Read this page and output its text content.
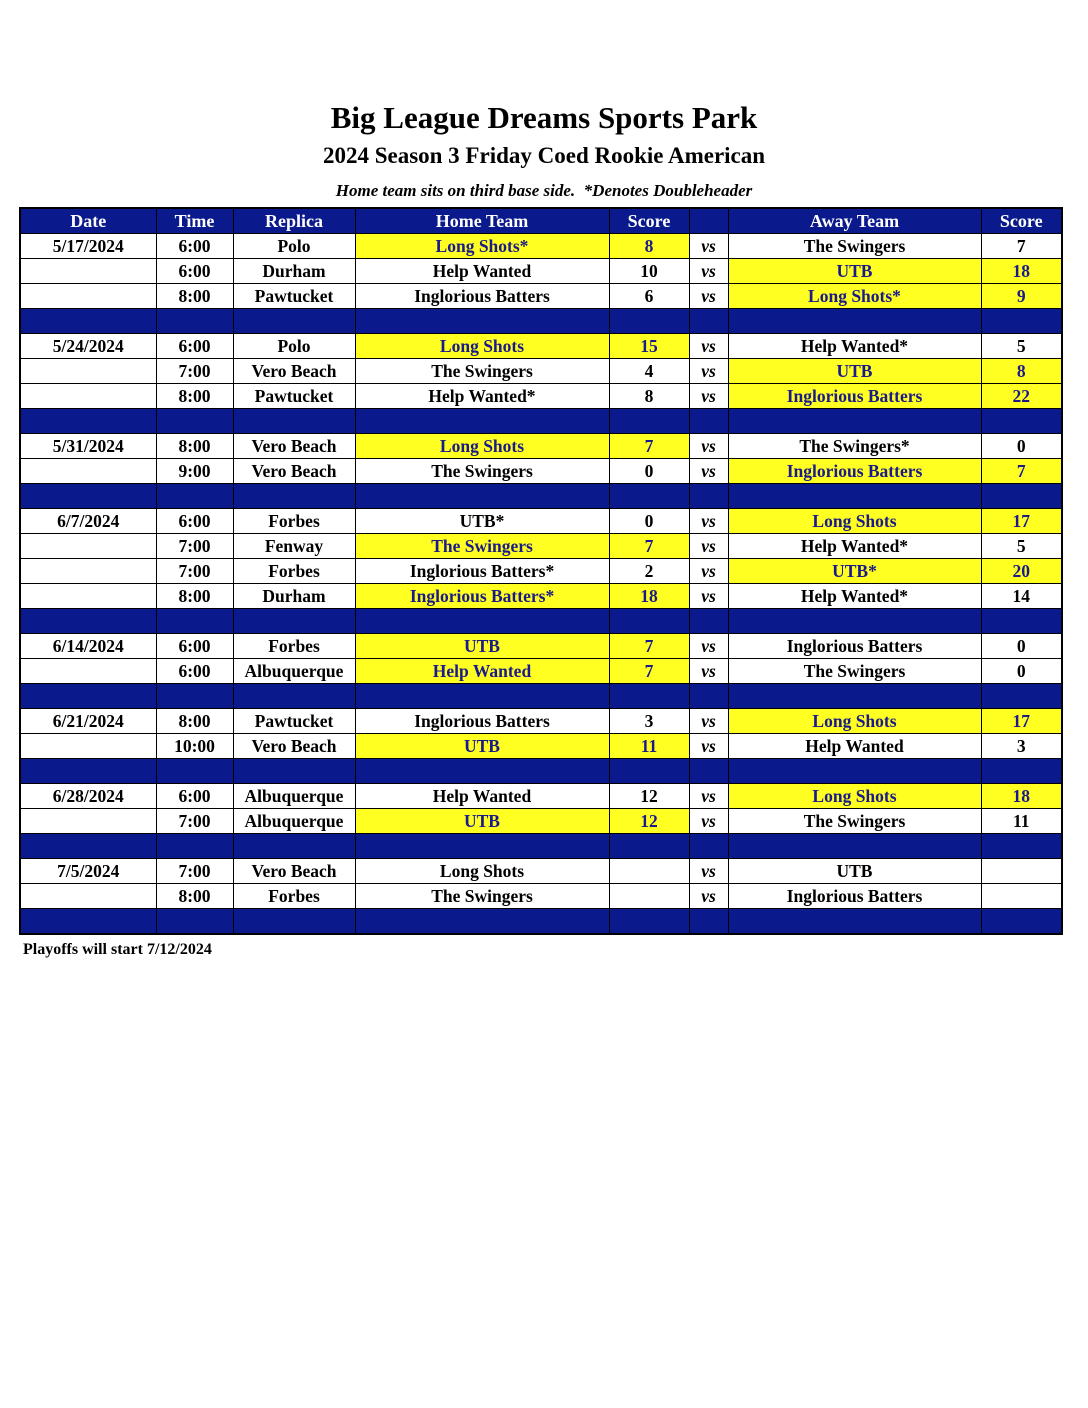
Big League Dreams Sports Park
2024 Season 3 Friday Coed Rookie American
Home team sits on third base side.  *Denotes Doubleheader
Date	Time	Replica	Home Team	Score		Away Team	Score
5/17/2024	6:00	Polo	Long Shots*	8	vs	The Swingers	7
	6:00	Durham	Help Wanted	10	vs	UTB	18
	8:00	Pawtucket	Inglorious Batters	6	vs	Long Shots*	9

5/24/2024	6:00	Polo	Long Shots	15	vs	Help Wanted*	5
	7:00	Vero Beach	The Swingers	4	vs	UTB	8
	8:00	Pawtucket	Help Wanted*	8	vs	Inglorious Batters	22

5/31/2024	8:00	Vero Beach	Long Shots	7	vs	The Swingers*	0
	9:00	Vero Beach	The Swingers	0	vs	Inglorious Batters	7

6/7/2024	6:00	Forbes	UTB*	0	vs	Long Shots	17
	7:00	Fenway	The Swingers	7	vs	Help Wanted*	5
	7:00	Forbes	Inglorious Batters*	2	vs	UTB*	20
	8:00	Durham	Inglorious Batters*	18	vs	Help Wanted*	14

6/14/2024	6:00	Forbes	UTB	7	vs	Inglorious Batters	0
	6:00	Albuquerque	Help Wanted	7	vs	The Swingers	0

6/21/2024	8:00	Pawtucket	Inglorious Batters	3	vs	Long Shots	17
	10:00	Vero Beach	UTB	11	vs	Help Wanted	3

6/28/2024	6:00	Albuquerque	Help Wanted	12	vs	Long Shots	18
	7:00	Albuquerque	UTB	12	vs	The Swingers	11

7/5/2024	7:00	Vero Beach	Long Shots		vs	UTB	
	8:00	Forbes	The Swingers		vs	Inglorious Batters	

Playoffs will start 7/12/2024
